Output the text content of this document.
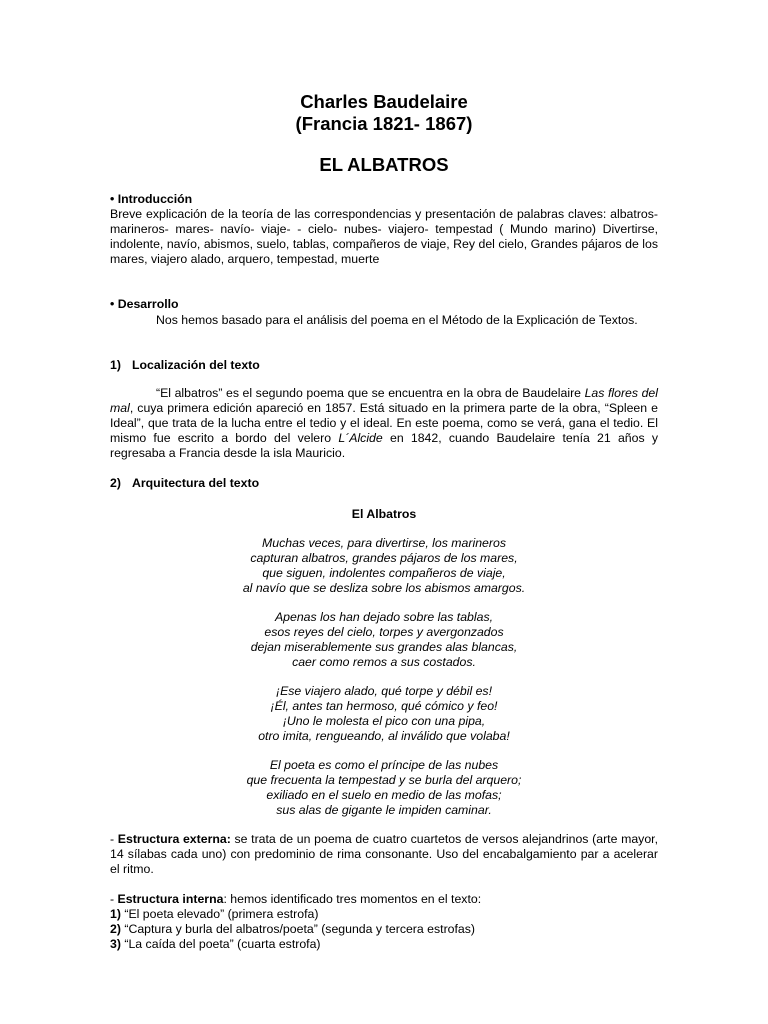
Charles Baudelaire
(Francia 1821- 1867)
EL ALBATROS
• Introducción
Breve explicación de la teoría de las correspondencias y presentación de palabras claves: albatros- marineros- mares- navío- viaje- - cielo- nubes- viajero- tempestad ( Mundo marino) Divertirse, indolente, navío, abismos, suelo, tablas, compañeros de viaje, Rey del cielo, Grandes pájaros de los mares, viajero alado, arquero, tempestad, muerte
• Desarrollo
Nos hemos basado para el análisis del poema en el Método de la Explicación de Textos.
1) Localización del texto
“El albatros” es el segundo poema que se encuentra en la obra de Baudelaire Las flores del mal, cuya primera edición apareció en 1857. Está situado en la primera parte de la obra, “Spleen e Ideal”, que trata de la lucha entre el tedio y el ideal. En este poema, como se verá, gana el tedio. El mismo fue escrito a bordo del velero L´Alcide en 1842, cuando Baudelaire tenía 21 años y regresaba a Francia desde la isla Mauricio.
2) Arquitectura del texto
El Albatros
Muchas veces, para divertirse, los marineros
capturan albatros, grandes pájaros de los mares,
que siguen, indolentes compañeros de viaje,
al navío que se desliza sobre los abismos amargos.
Apenas los han dejado sobre las tablas,
esos reyes del cielo, torpes y avergonzados
dejan miserablemente sus grandes alas blancas,
caer como remos a sus costados.
¡Ese viajero alado, qué torpe y débil es!
¡Él, antes tan hermoso, qué cómico y feo!
¡Uno le molesta el pico con una pipa,
otro imita, rengueando, al inválido que volaba!
El poeta es como el príncipe de las nubes
que frecuenta la tempestad y se burla del arquero;
exiliado en el suelo en medio de las mofas;
sus alas de gigante le impiden caminar.
- Estructura externa: se trata de un poema de cuatro cuartetos de versos alejandrinos (arte mayor, 14 sílabas cada uno) con predominio de rima consonante. Uso del encabalgamiento par a acelerar el ritmo.
- Estructura interna: hemos identificado tres momentos en el texto:
1) “El poeta elevado” (primera estrofa)
2) “Captura y burla del albatros/poeta” (segunda y tercera estrofas)
3) “La caída del poeta” (cuarta estrofa)
